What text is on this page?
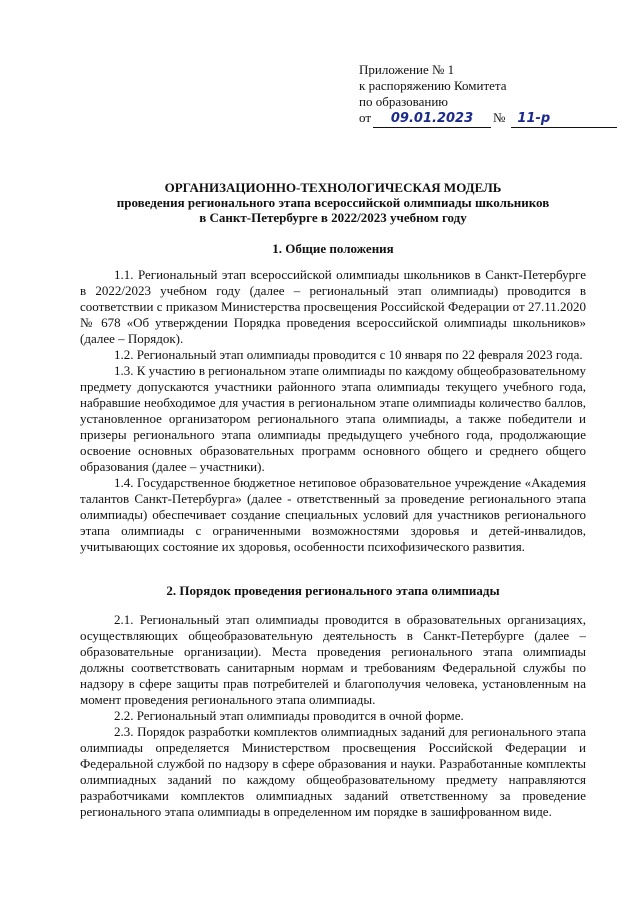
Приложение № 1
к распоряжению Комитета
по образованию
от	09.01.2023	№ 11-р
ОРГАНИЗАЦИОННО-ТЕХНОЛОГИЧЕСКАЯ МОДЕЛЬ
проведения регионального этапа всероссийской олимпиады школьников
в Санкт-Петербурге в 2022/2023 учебном году
1. Общие положения

1.1. Региональный этап всероссийской олимпиады школьников в Санкт-Петербурге в 2022/2023 учебном году (далее – региональный этап олимпиады) проводится в соответствии с приказом Министерства просвещения Российской Федерации от 27.11.2020 № 678 «Об утверждении Порядка проведения всероссийской олимпиады школьников» (далее – Порядок).

1.2. Региональный этап олимпиады проводится с 10 января по 22 февраля 2023 года.

1.3. К участию в региональном этапе олимпиады по каждому общеобразовательному предмету допускаются участники районного этапа олимпиады текущего учебного года, набравшие необходимое для участия в региональном этапе олимпиады количество баллов, установленное организатором регионального этапа олимпиады, а также победители и призеры регионального этапа олимпиады предыдущего учебного года, продолжающие освоение основных образовательных программ основного общего и среднего общего образования (далее – участники).

1.4. Государственное бюджетное нетиповое образовательное учреждение «Академия талантов Санкт-Петербурга» (далее - ответственный за проведение регионального этапа олимпиады) обеспечивает создание специальных условий для участников регионального этапа олимпиады с ограниченными возможностями здоровья и детей-инвалидов, учитывающих состояние их здоровья, особенности психофизического развития.

2. Порядок проведения регионального этапа олимпиады

2.1. Региональный этап олимпиады проводится в образовательных организациях, осуществляющих общеобразовательную деятельность в Санкт-Петербурге (далее – образовательные организации). Места проведения регионального этапа олимпиады должны соответствовать санитарным нормам и требованиям Федеральной службы по надзору в сфере защиты прав потребителей и благополучия человека, установленным на момент проведения регионального этапа олимпиады.

2.2. Региональный этап олимпиады проводится в очной форме.

2.3. Порядок разработки комплектов олимпиадных заданий для регионального этапа олимпиады определяется Министерством просвещения Российской Федерации и Федеральной службой по надзору в сфере образования и науки. Разработанные комплекты олимпиадных заданий по каждому общеобразовательному предмету направляются разработчиками комплектов олимпиадных заданий ответственному за проведение регионального этапа олимпиады в определенном им порядке в зашифрованном виде.
